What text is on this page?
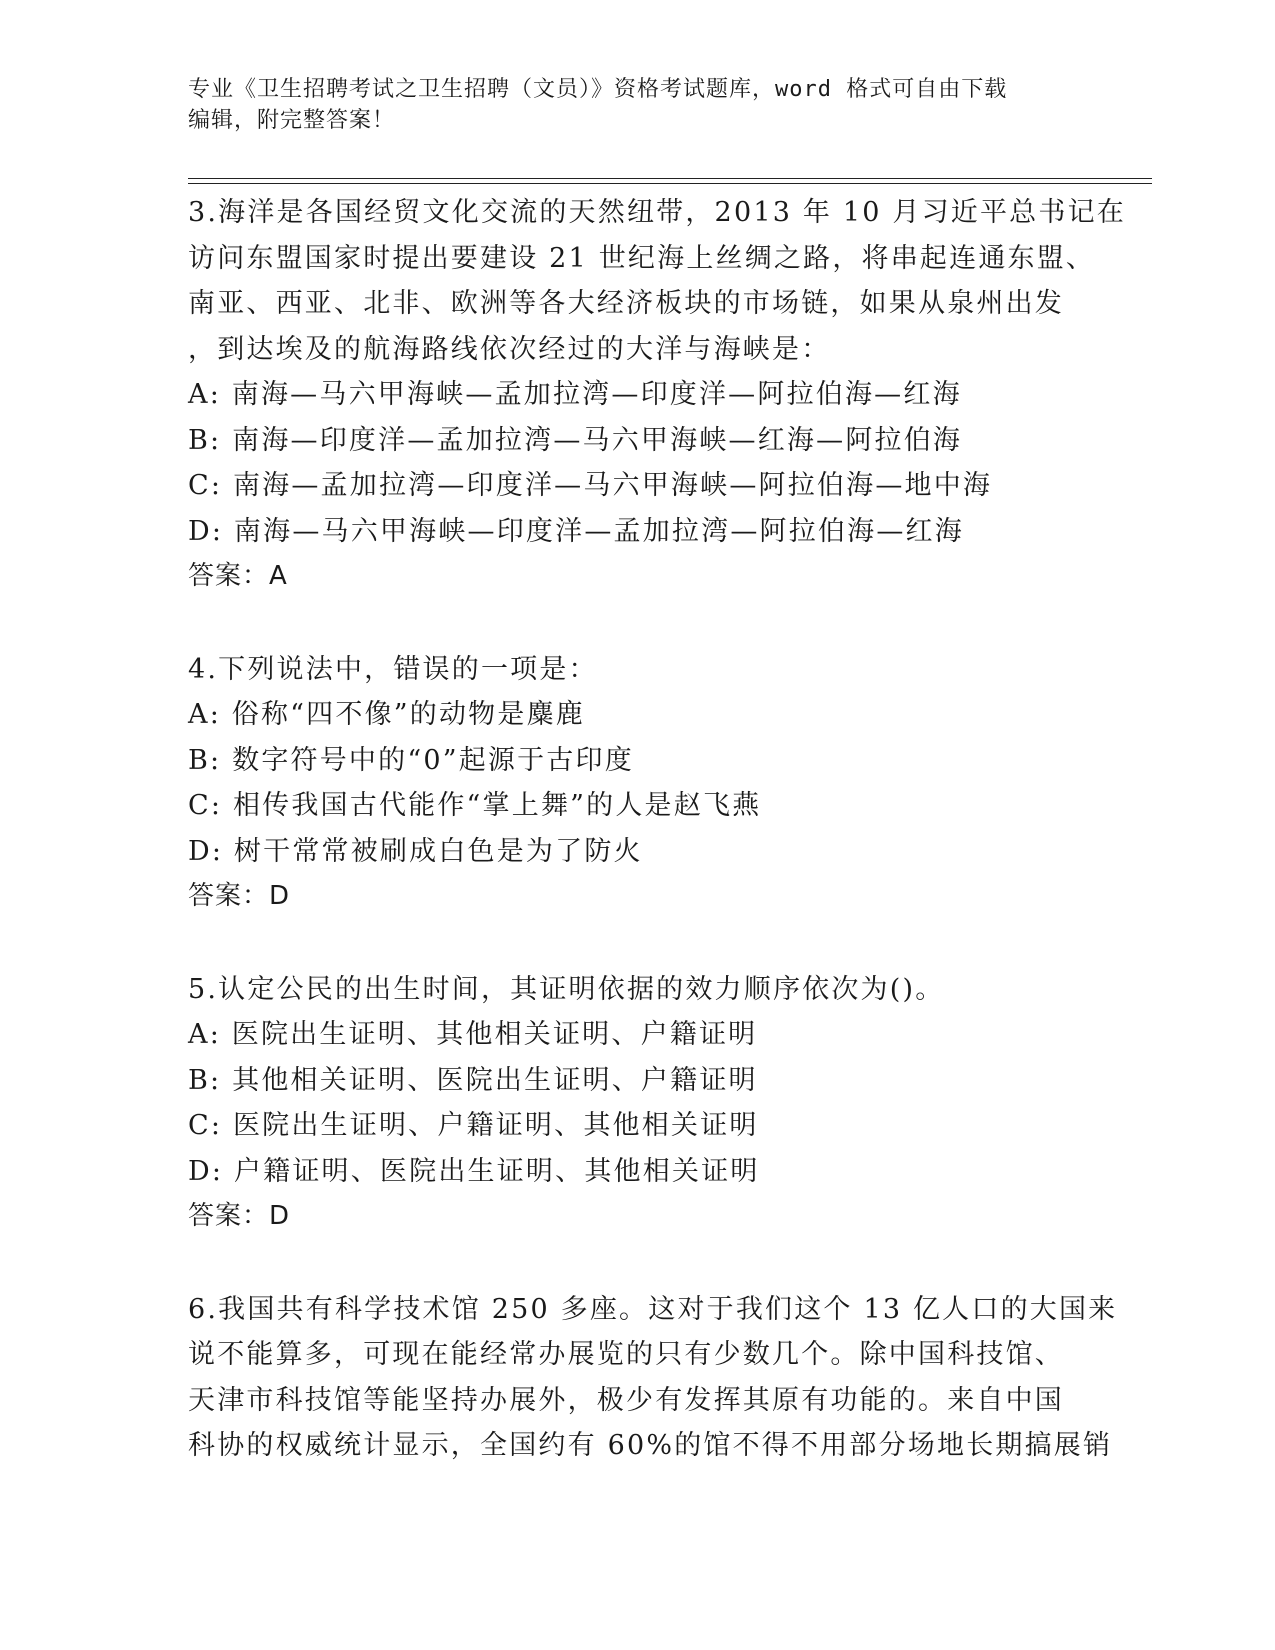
专业《卫生招聘考试之卫生招聘（文员）》资格考试题库，word 格式可自由下载
编辑，附完整答案！
3.海洋是各国经贸文化交流的天然纽带，2013 年 10 月习近平总书记在
访问东盟国家时提出要建设 21 世纪海上丝绸之路，将串起连通东盟、
南亚、西亚、北非、欧洲等各大经济板块的市场链，如果从泉州出发
，到达埃及的航海路线依次经过的大洋与海峡是：
A: 南海—马六甲海峡—孟加拉湾—印度洋—阿拉伯海—红海
B: 南海—印度洋—孟加拉湾—马六甲海峡—红海—阿拉伯海
C: 南海—孟加拉湾—印度洋—马六甲海峡—阿拉伯海—地中海
D: 南海—马六甲海峡—印度洋—孟加拉湾—阿拉伯海—红海
答案：A
4.下列说法中，错误的一项是：
A: 俗称“四不像”的动物是麋鹿
B: 数字符号中的“0”起源于古印度
C: 相传我国古代能作“掌上舞”的人是赵飞燕
D: 树干常常被刷成白色是为了防火
答案：D
5.认定公民的出生时间，其证明依据的效力顺序依次为()。
A: 医院出生证明、其他相关证明、户籍证明
B: 其他相关证明、医院出生证明、户籍证明
C: 医院出生证明、户籍证明、其他相关证明
D: 户籍证明、医院出生证明、其他相关证明
答案：D
6.我国共有科学技术馆 250 多座。这对于我们这个 13 亿人口的大国来
说不能算多，可现在能经常办展览的只有少数几个。除中国科技馆、
天津市科技馆等能坚持办展外，极少有发挥其原有功能的。来自中国
科协的权威统计显示，全国约有 60%的馆不得不用部分场地长期搞展销
